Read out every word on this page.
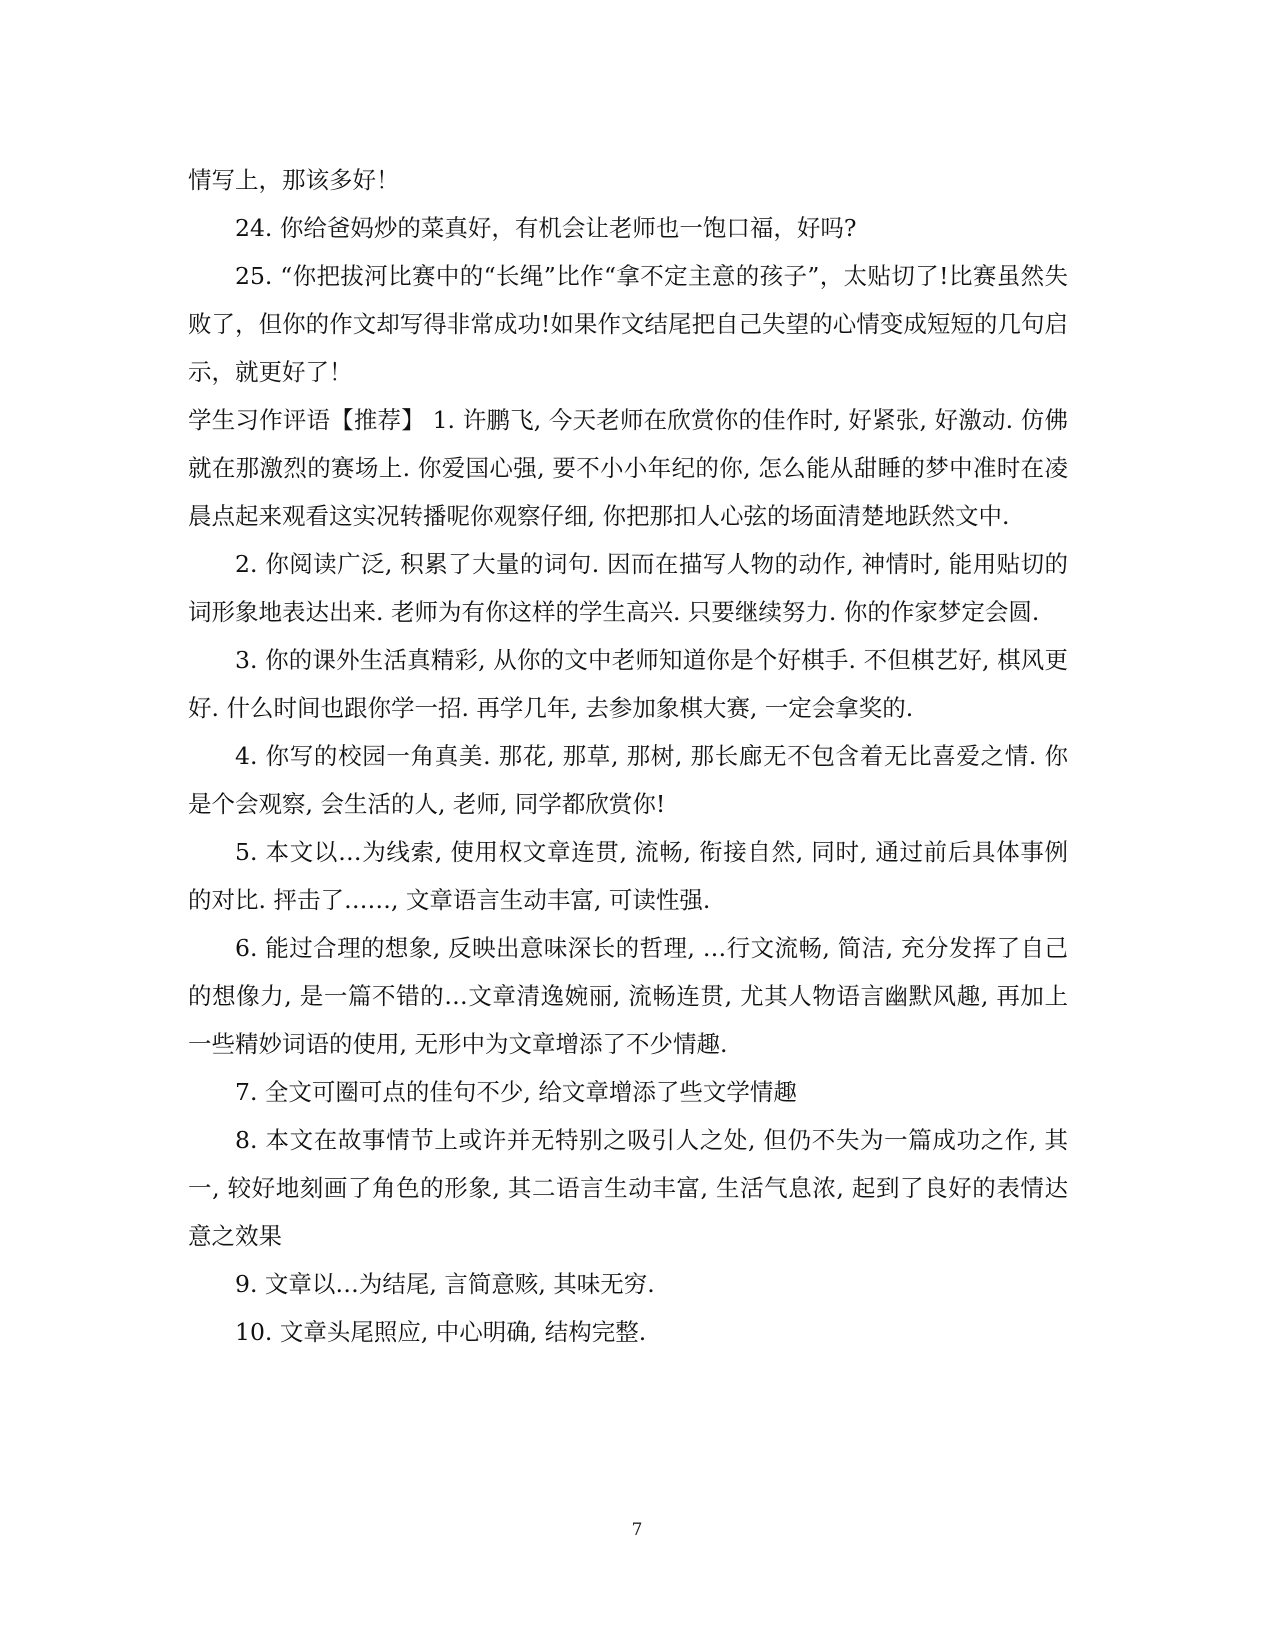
情写上，那该多好！

24. 你给爸妈炒的菜真好，有机会让老师也一饱口福，好吗?

25. “你把拔河比赛中的“长绳”比作“拿不定主意的孩子”，太贴切了!比赛虽然失败了，但你的作文却写得非常成功!如果作文结尾把自己失望的心情变成短短的几句启示，就更好了！

学生习作评语【推荐】 1. 许鹏飞, 今天老师在欣赏你的佳作时, 好紧张, 好激动. 仿佛就在那激烈的赛场上. 你爱国心强, 要不小小年纪的你, 怎么能从甜睡的梦中准时在凌晨点起来观看这实况转播呢你观察仔细, 你把那扣人心弦的场面清楚地跃然文中.

2. 你阅读广泛, 积累了大量的词句. 因而在描写人物的动作, 神情时, 能用贴切的词形象地表达出来. 老师为有你这样的学生高兴. 只要继续努力. 你的作家梦定会圆.

3. 你的课外生活真精彩, 从你的文中老师知道你是个好棋手. 不但棋艺好, 棋风更好. 什么时间也跟你学一招. 再学几年, 去参加象棋大赛, 一定会拿奖的.

4. 你写的校园一角真美. 那花, 那草, 那树, 那长廊无不包含着无比喜爱之情. 你是个会观察, 会生活的人, 老师, 同学都欣赏你!

5. 本文以…为线索, 使用权文章连贯, 流畅, 衔接自然, 同时, 通过前后具体事例的对比. 抨击了……, 文章语言生动丰富, 可读性强.

6. 能过合理的想象, 反映出意味深长的哲理, …行文流畅, 简洁, 充分发挥了自己的想像力, 是一篇不错的…文章清逸婉丽, 流畅连贯, 尤其人物语言幽默风趣, 再加上一些精妙词语的使用, 无形中为文章增添了不少情趣.

7. 全文可圈可点的佳句不少, 给文章增添了些文学情趣

8. 本文在故事情节上或许并无特别之吸引人之处, 但仍不失为一篇成功之作, 其一, 较好地刻画了角色的形象, 其二语言生动丰富, 生活气息浓, 起到了良好的表情达意之效果

9. 文章以…为结尾, 言简意赅, 其味无穷.

10. 文章头尾照应, 中心明确, 结构完整.

7
